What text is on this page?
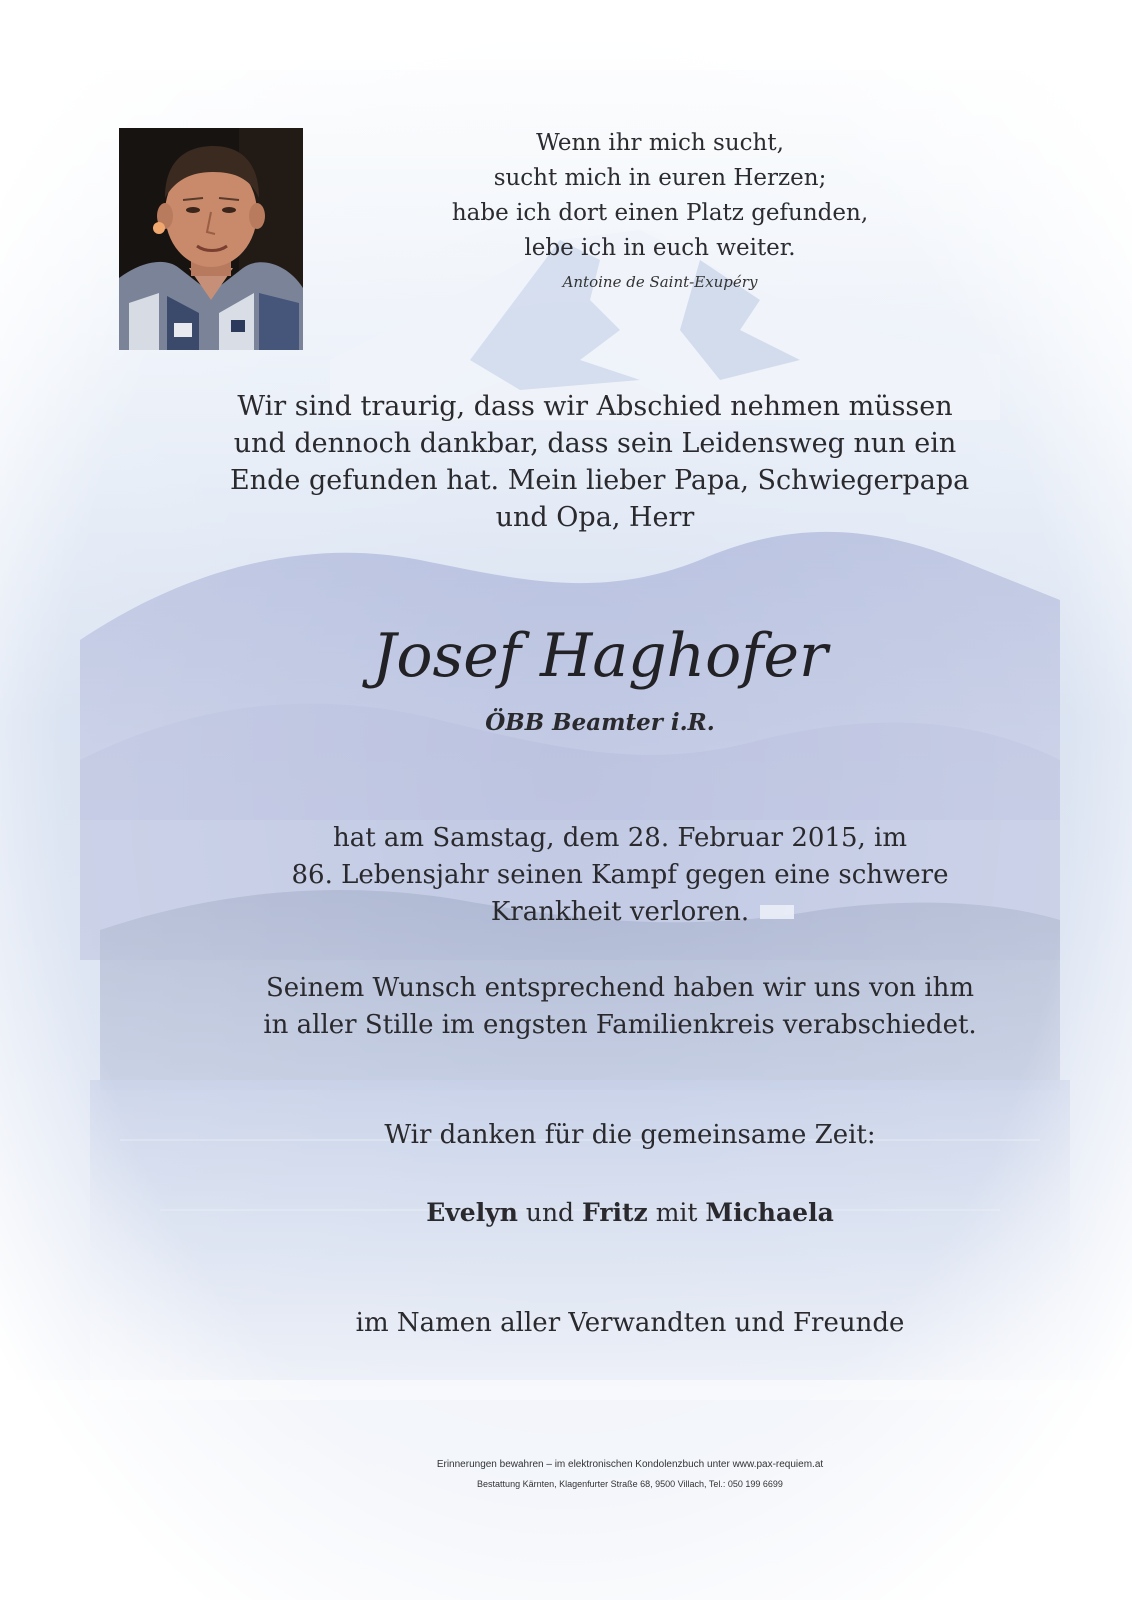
Wenn ihr mich sucht,
sucht mich in euren Herzen;
habe ich dort einen Platz gefunden,
lebe ich in euch weiter.
Antoine de Saint-Exupéry
Wir sind traurig, dass wir Abschied nehmen müssen
und dennoch dankbar, dass sein Leidensweg nun ein
Ende gefunden hat. Mein lieber Papa, Schwiegerpapa
und Opa, Herr
Josef Haghofer
ÖBB Beamter i.R.
hat am Samstag, dem 28. Februar 2015, im
86. Lebensjahr seinen Kampf gegen eine schwere
Krankheit verloren.
Seinem Wunsch entsprechend haben wir uns von ihm
in aller Stille im engsten Familienkreis verabschiedet.
Wir danken für die gemeinsame Zeit:
Evelyn und Fritz mit Michaela
im Namen aller Verwandten und Freunde
Erinnerungen bewahren – im elektronischen Kondolenzbuch unter www.pax-requiem.at
Bestattung Kärnten, Klagenfurter Straße 68, 9500 Villach, Tel.: 050 199 6699
